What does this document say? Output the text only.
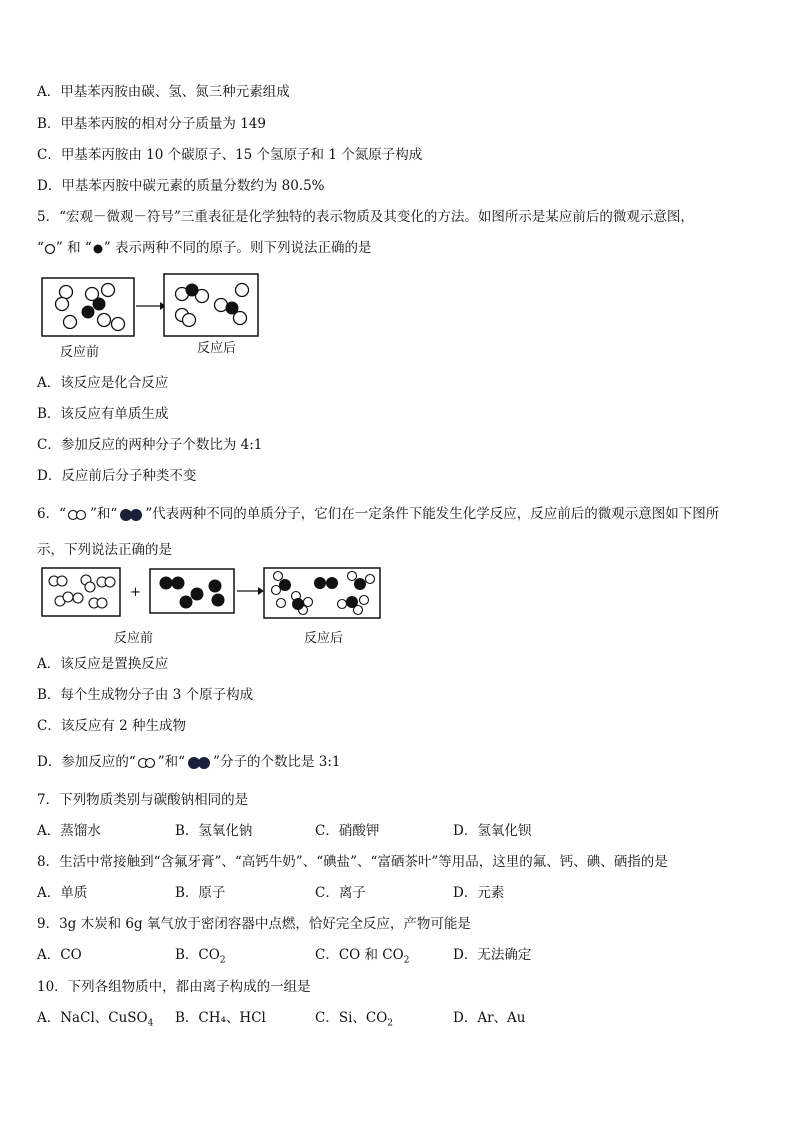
A．甲基苯丙胺由碳、氢、氮三种元素组成
B．甲基苯丙胺的相对分子质量为 149
C．甲基苯丙胺由 10 个碳原子、15 个氢原子和 1 个氮原子构成
D．甲基苯丙胺中碳元素的质量分数约为 80.5%
5．“宏观－微观－符号”三重表征是化学独特的表示物质及其变化的方法。如图所示是某应前后的微观示意图，
“ ” 和 “ ” 表示两种不同的原子。则下列说法正确的是
反应前	反应后
A．该反应是化合反应
B．该反应有单质生成
C．参加反应的两种分子个数比为 4:1
D．反应前后分子种类不变
6．“ ”和“ ”代表两种不同的单质分子，它们在一定条件下能发生化学反应，反应前后的微观示意图如下图所
示，下列说法正确的是
+
反应前	反应后
A．该反应是置换反应
B．每个生成物分子由 3 个原子构成
C．该反应有 2 种生成物
D．参加反应的“ ”和“ ”分子的个数比是 3:1
7．下列物质类别与碳酸钠相同的是
A．蒸馏水	B．氢氧化钠	C．硝酸钾	D．氢氧化钡
8．生活中常接触到“含氟牙膏”、“高钙牛奶”、“碘盐”、“富硒茶叶”等用品，这里的氟、钙、碘、硒指的是
A．单质	B．原子	C．离子	D．元素
9．3g 木炭和 6g 氧气放于密闭容器中点燃，恰好完全反应，产物可能是
A．CO	B．$CO_2$	C．CO 和 $CO_2$	D．无法确定
10．下列各组物质中，都由离子构成的一组是
A．NaCl、CuSO$_4$ B．CH₄、HCl	C．Si、$CO_2$	D．Ar、Au
